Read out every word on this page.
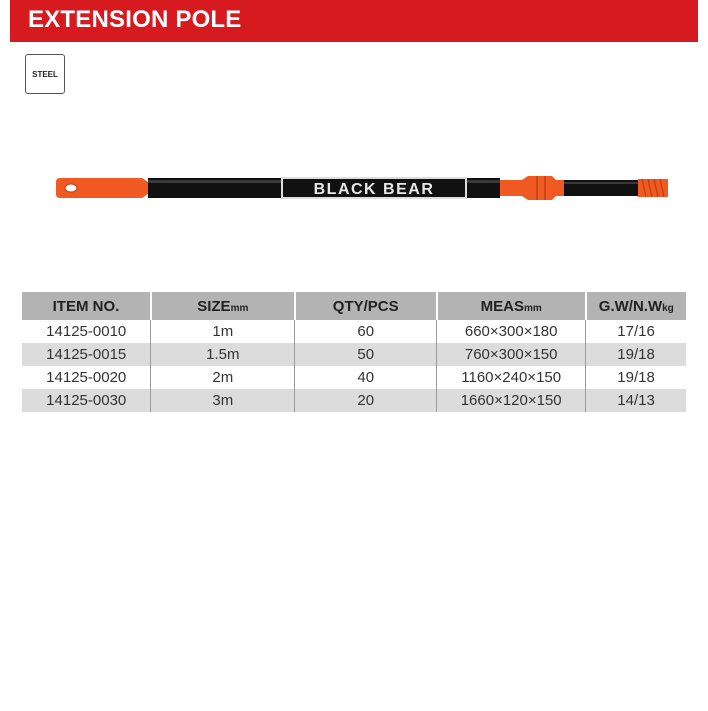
EXTENSION POLE
STEEL
BLACK BEAR
ITEM NO.	SIZEmm	QTY/PCS	MEASmm	G.W/N.Wkg
14125-0010	1m	60	660×300×180	17/16
14125-0015	1.5m	50	760×300×150	19/18
14125-0020	2m	40	1160×240×150	19/18
14125-0030	3m	20	1660×120×150	14/13
